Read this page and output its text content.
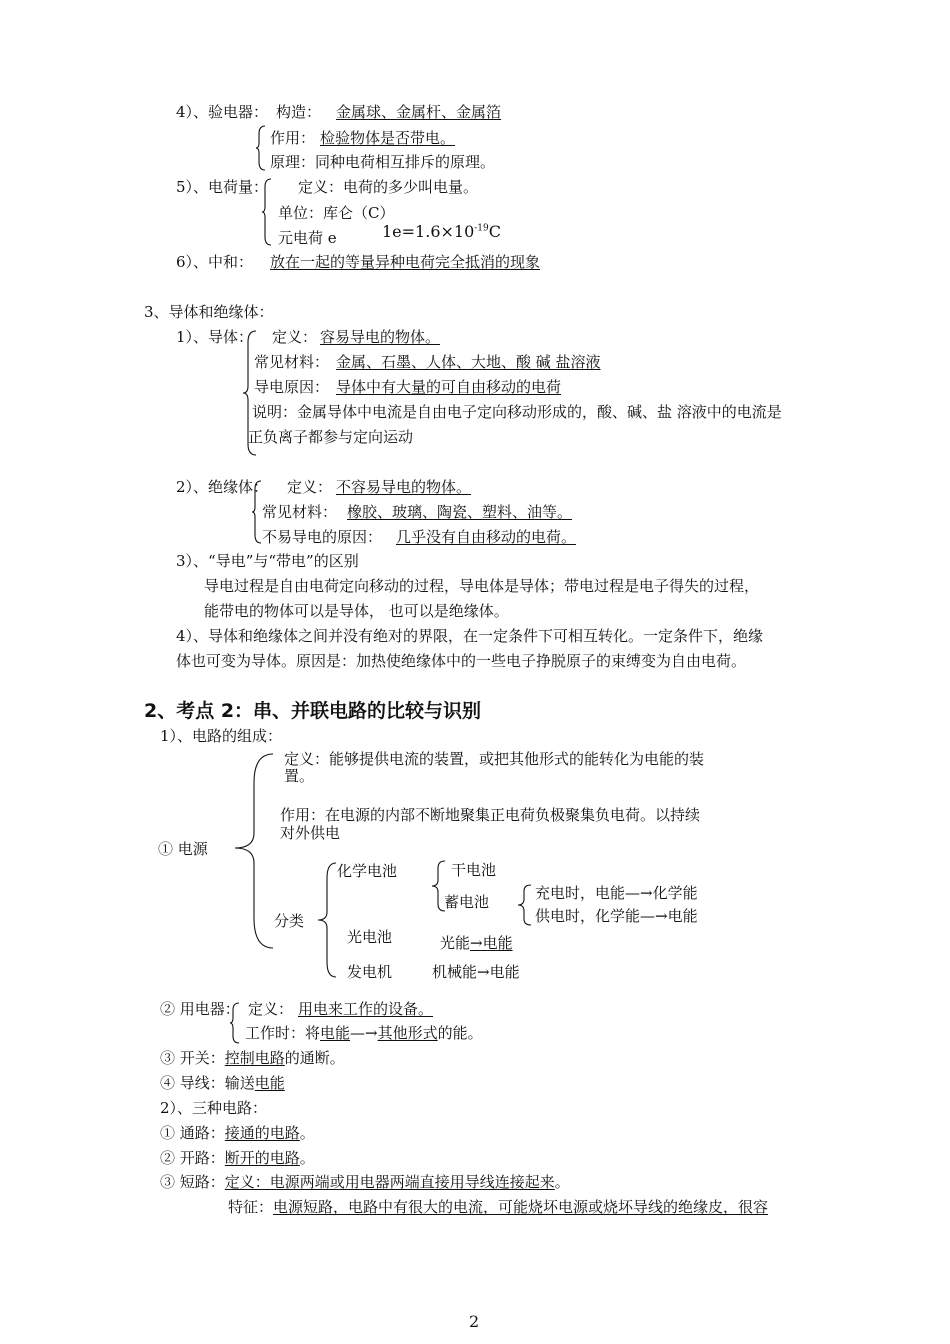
4）、验电器： 构造： 金属球、金属杆、金属箔
作用： 检验物体是否带电。
原理：同种电荷相互排斥的原理。
5）、电荷量： 定义：电荷的多少叫电量。
单位：库仑（C）
元电荷 e	$1e=1.6\times 10^{-19}C$
6）、中和： 放在一起的等量异种电荷完全抵消的现象
3、导体和绝缘体：
1）、导体： 定义： 容易导电的物体。
常见材料： 金属、石墨、人体、大地、酸 碱 盐溶液
导电原因： 导体中有大量的可自由移动的电荷
说明：金属导体中电流是自由电子定向移动形成的，酸、碱、盐 溶液中的电流是
正负离子都参与定向运动
2）、绝缘体： 定义： 不容易导电的物体。
常见材料： 橡胶、玻璃、陶瓷、塑料、油等。
不易导电的原因： 几乎没有自由移动的电荷。
3）、“导电”与“带电”的区别
导电过程是自由电荷定向移动的过程，导电体是导体；带电过程是电子得失的过程，
能带电的物体可以是导体， 也可以是绝缘体。
4）、导体和绝缘体之间并没有绝对的界限，在一定条件下可相互转化。一定条件下，绝缘
体也可变为导体。原因是：加热使绝缘体中的一些电子挣脱原子的束缚变为自由电荷。
2、考点 2：串、并联电路的比较与识别
1）、电路的组成：
① 电源
定义：能够提供电流的装置，或把其他形式的能转化为电能的装
置。
作用：在电源的内部不断地聚集正电荷负极聚集负电荷。以持续
对外供电
分类
化学电池	干电池
蓄电池	充电时，电能—→化学能
供电时，化学能—→电能
光电池	光能→电能
发电机	机械能→电能
② 用电器： 定义： 用电来工作的设备。
工作时：将电能—→其他形式的能。
③ 开关：控制电路的通断。
④ 导线：输送电能
2）、三种电路：
① 通路：接通的电路。
② 开路：断开的电路。
③ 短路：定义：电源两端或用电器两端直接用导线连接起来。
特征：电源短路，电路中有很大的电流，可能烧坏电源或烧坏导线的绝缘皮，很容
2
